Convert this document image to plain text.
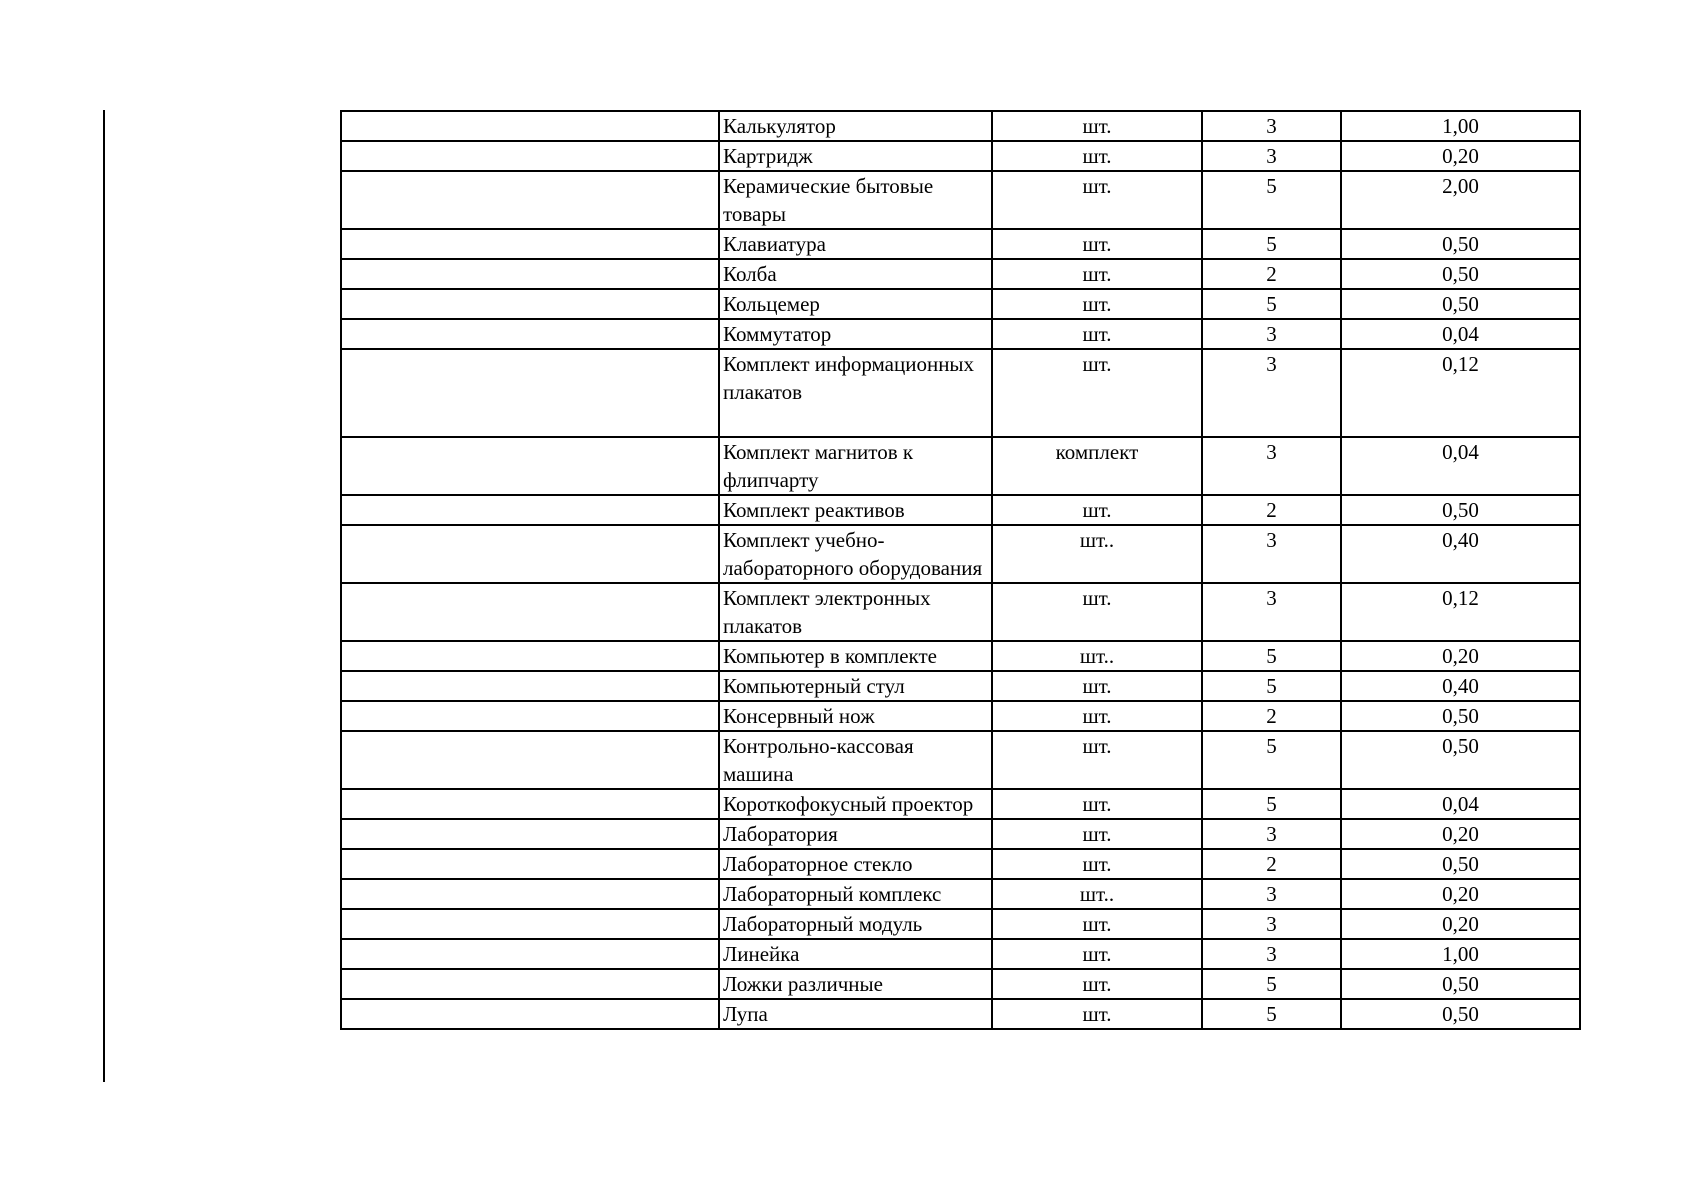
	Калькулятор	шт.	3	1,00
	Картридж	шт.	3	0,20
	Керамические бытовые товары	шт.	5	2,00
	Клавиатура	шт.	5	0,50
	Колба	шт.	2	0,50
	Кольцемер	шт.	5	0,50
	Коммутатор	шт.	3	0,04
	Комплект информационных плакатов	шт.	3	0,12
	Комплект магнитов к флипчарту	комплект	3	0,04
	Комплект реактивов	шт.	2	0,50
	Комплект учебно-лабораторного оборудования	шт..	3	0,40
	Комплект электронных плакатов	шт.	3	0,12
	Компьютер в комплекте	шт..	5	0,20
	Компьютерный стул	шт.	5	0,40
	Консервный нож	шт.	2	0,50
	Контрольно-кассовая машина	шт.	5	0,50
	Короткофокусный проектор	шт.	5	0,04
	Лаборатория	шт.	3	0,20
	Лабораторное стекло	шт.	2	0,50
	Лабораторный комплекс	шт..	3	0,20
	Лабораторный модуль	шт.	3	0,20
	Линейка	шт.	3	1,00
	Ложки различные	шт.	5	0,50
	Лупа	шт.	5	0,50
